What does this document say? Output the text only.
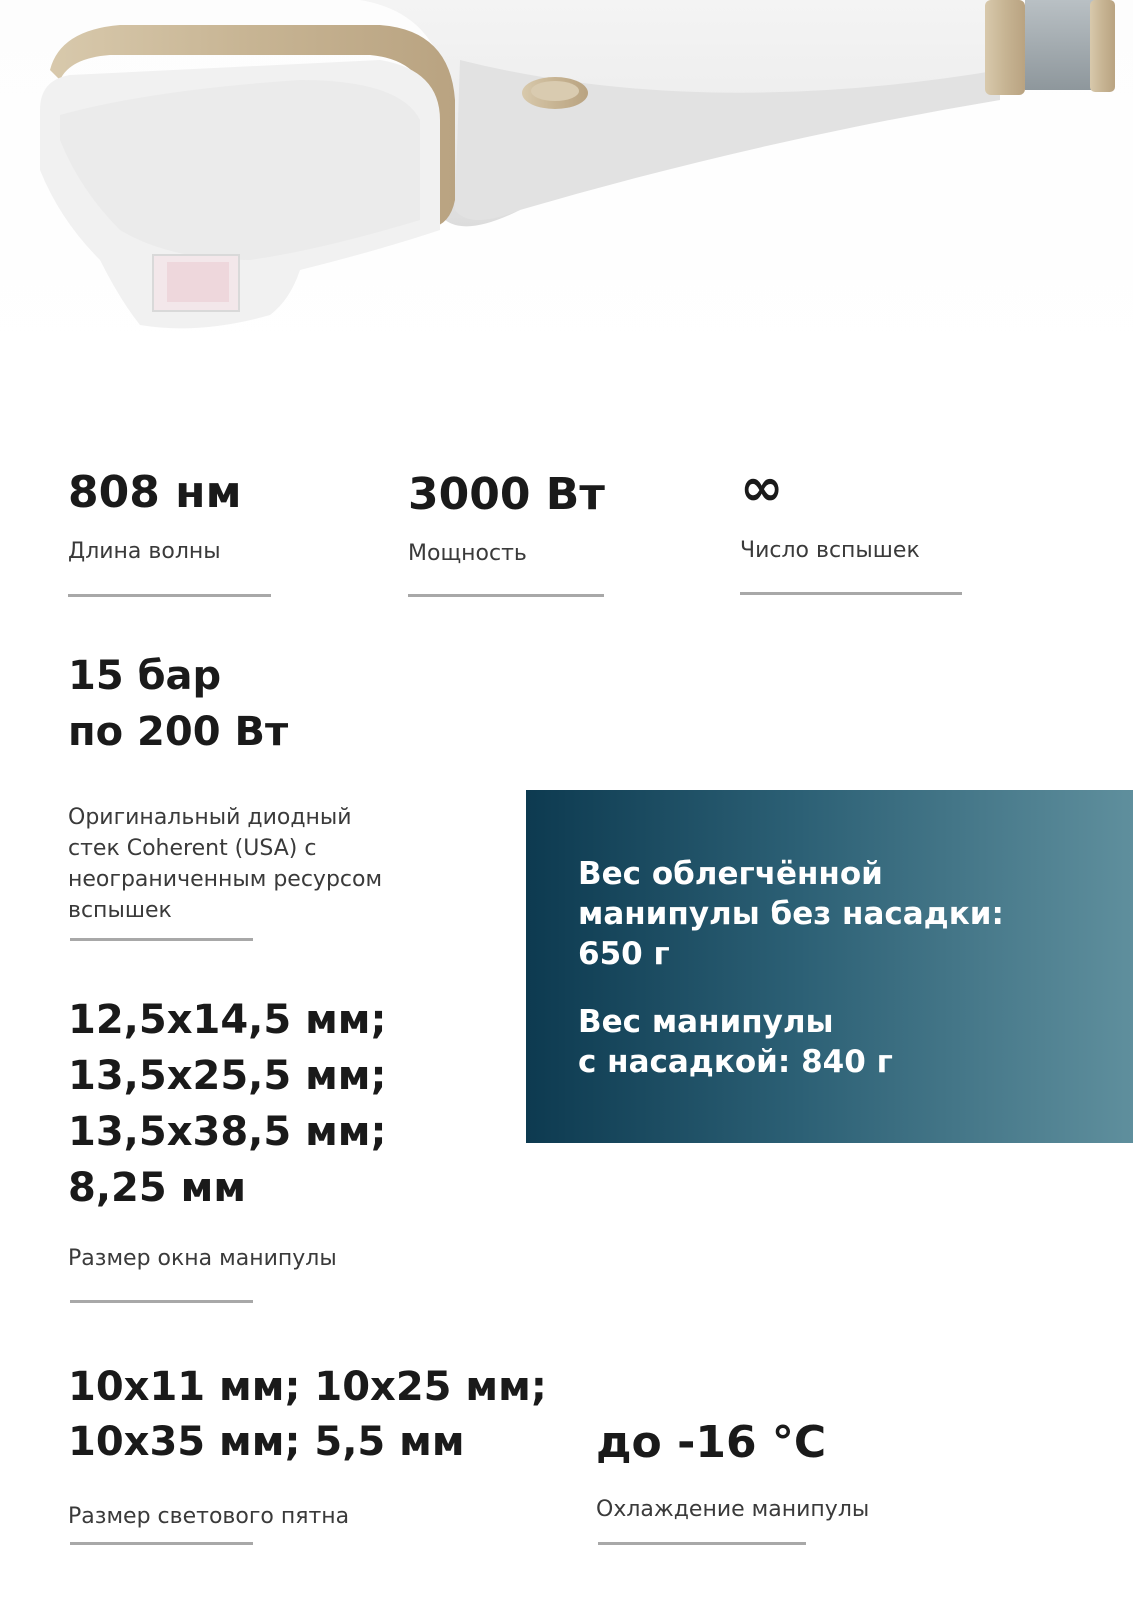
808 нм
Длина волны
3000 Вт
Мощность
∞
Число вспышек
15 бар
по 200 Вт
Оригинальный диодный
стек Coherent (USA) с
неограниченным ресурсом
вспышек
12,5х14,5 мм;
13,5х25,5 мм;
13,5х38,5 мм;
8,25 мм
Размер окна манипулы
Вес облегчённой
манипулы без насадки:
650 г
Вес манипулы
с насадкой: 840 г
10х11 мм; 10х25 мм;
10х35 мм; 5,5 мм
Размер светового пятна
до -16 °С
Охлаждение манипулы
